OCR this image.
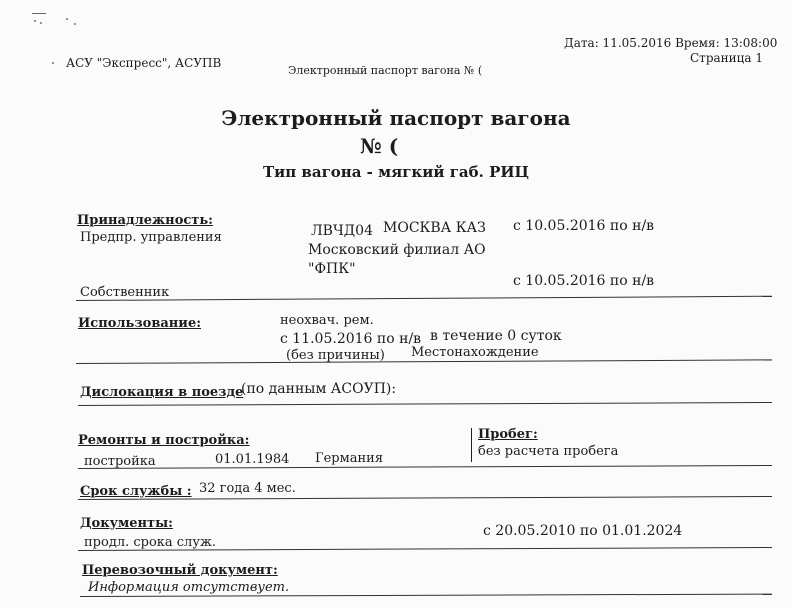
АСУ "Экспресс", АСУПВ
Электронный паспорт вагона № (
Дата: 11.05.2016 Время: 13:08:00
Страница 1
Электронный паспорт вагона
№ (
Тип вагона - мягкий габ. РИЦ
Принадлежность:
Предпр. управления	ЛВЧД04 МОСКВА КАЗ с 10.05.2016 по н/в
Московский филиал АО
"ФПК"
с 10.05.2016 по н/в
Собственник
Использование:	неохвач. рем.
с 11.05.2016 по н/в в течение 0 суток
(без причины) Местонахождение
Дислокация в поезде
(по данным АСОУП):
Ремонты и постройка:
постройка	01.01.1984 Германия
Пробег:
без расчета пробега
Срок службы : 32 года 4 мес.
Документы:
продл. срока служ.
с 20.05.2010 по 01.01.2024
Перевозочный документ:
Информация отсутствует.
